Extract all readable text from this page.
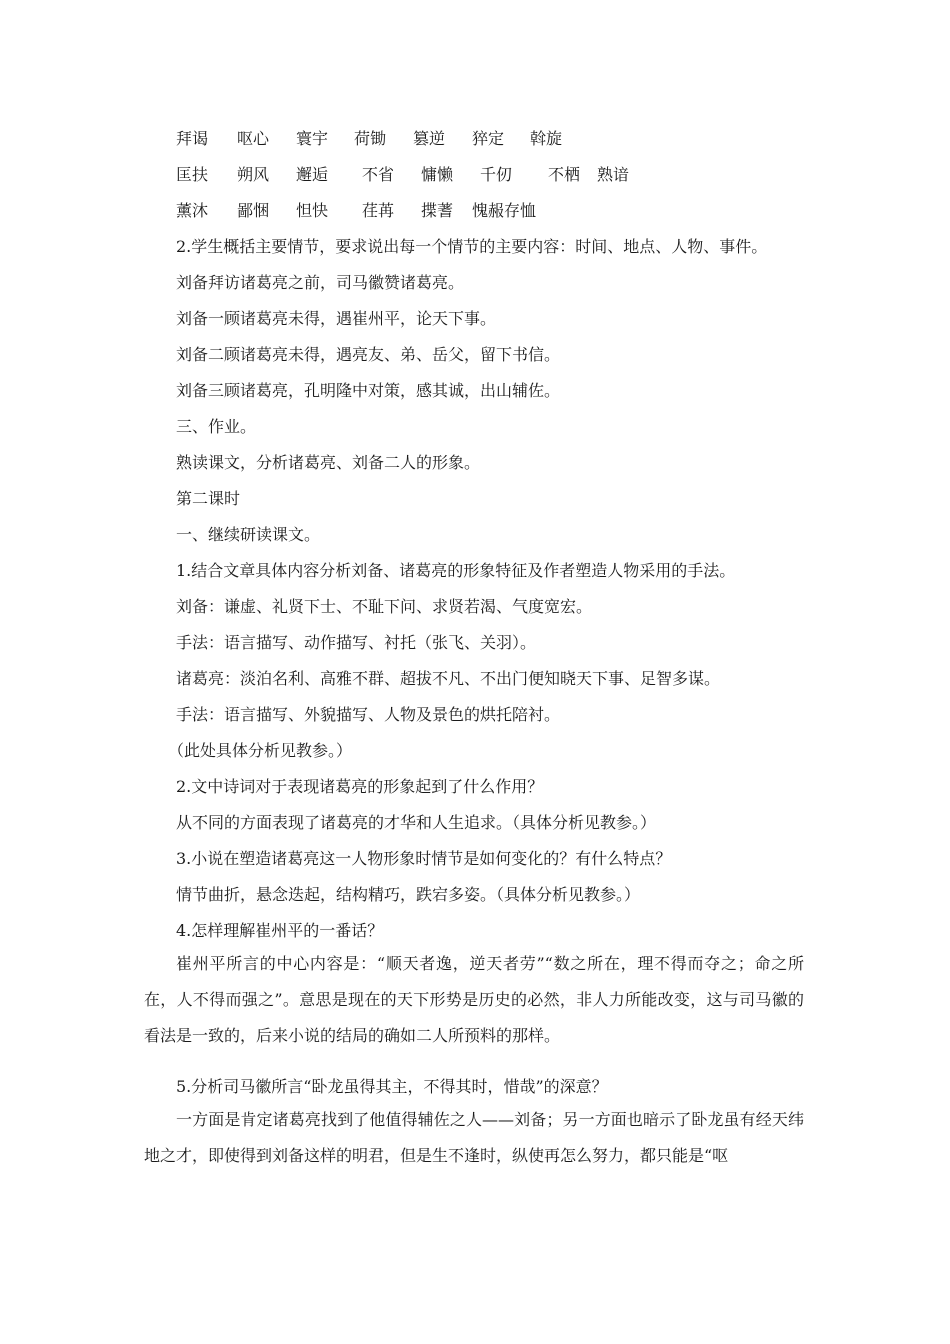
拜谒 呕心 寰宇 荷锄 篡逆 猝定 斡旋
匡扶 朔风 邂逅 不省 慵懒 千仞 不栖 熟谙
薰沐 鄙悃 怛快 荏苒 揲蓍 愧赧存恤
2.学生概括主要情节，要求说出每一个情节的主要内容：时间、地点、人物、事件。
刘备拜访诸葛亮之前，司马徽赞诸葛亮。
刘备一顾诸葛亮未得，遇崔州平，论天下事。
刘备二顾诸葛亮未得，遇亮友、弟、岳父，留下书信。
刘备三顾诸葛亮，孔明隆中对策，感其诚，出山辅佐。
三、作业。
熟读课文，分析诸葛亮、刘备二人的形象。
第二课时
一、继续研读课文。
1.结合文章具体内容分析刘备、诸葛亮的形象特征及作者塑造人物采用的手法。
刘备：谦虚、礼贤下士、不耻下问、求贤若渴、气度宽宏。
手法：语言描写、动作描写、衬托（张飞、关羽）。
诸葛亮：淡泊名利、高雅不群、超拔不凡、不出门便知晓天下事、足智多谋。
手法：语言描写、外貌描写、人物及景色的烘托陪衬。
（此处具体分析见教参。）
2.文中诗词对于表现诸葛亮的形象起到了什么作用？
从不同的方面表现了诸葛亮的才华和人生追求。（具体分析见教参。）
3.小说在塑造诸葛亮这一人物形象时情节是如何变化的？有什么特点？
情节曲折，悬念迭起，结构精巧，跌宕多姿。（具体分析见教参。）
4.怎样理解崔州平的一番话？
崔州平所言的中心内容是：“顺天者逸，逆天者劳”“数之所在，理不得而夺之；命之所在，人不得而强之”。意思是现在的天下形势是历史的必然，非人力所能改变，这与司马徽的看法是一致的，后来小说的结局的确如二人所预料的那样。
5.分析司马徽所言“卧龙虽得其主，不得其时，惜哉”的深意？
一方面是肯定诸葛亮找到了他值得辅佐之人——刘备；另一方面也暗示了卧龙虽有经天纬地之才，即使得到刘备这样的明君，但是生不逢时，纵使再怎么努力，都只能是“呕
